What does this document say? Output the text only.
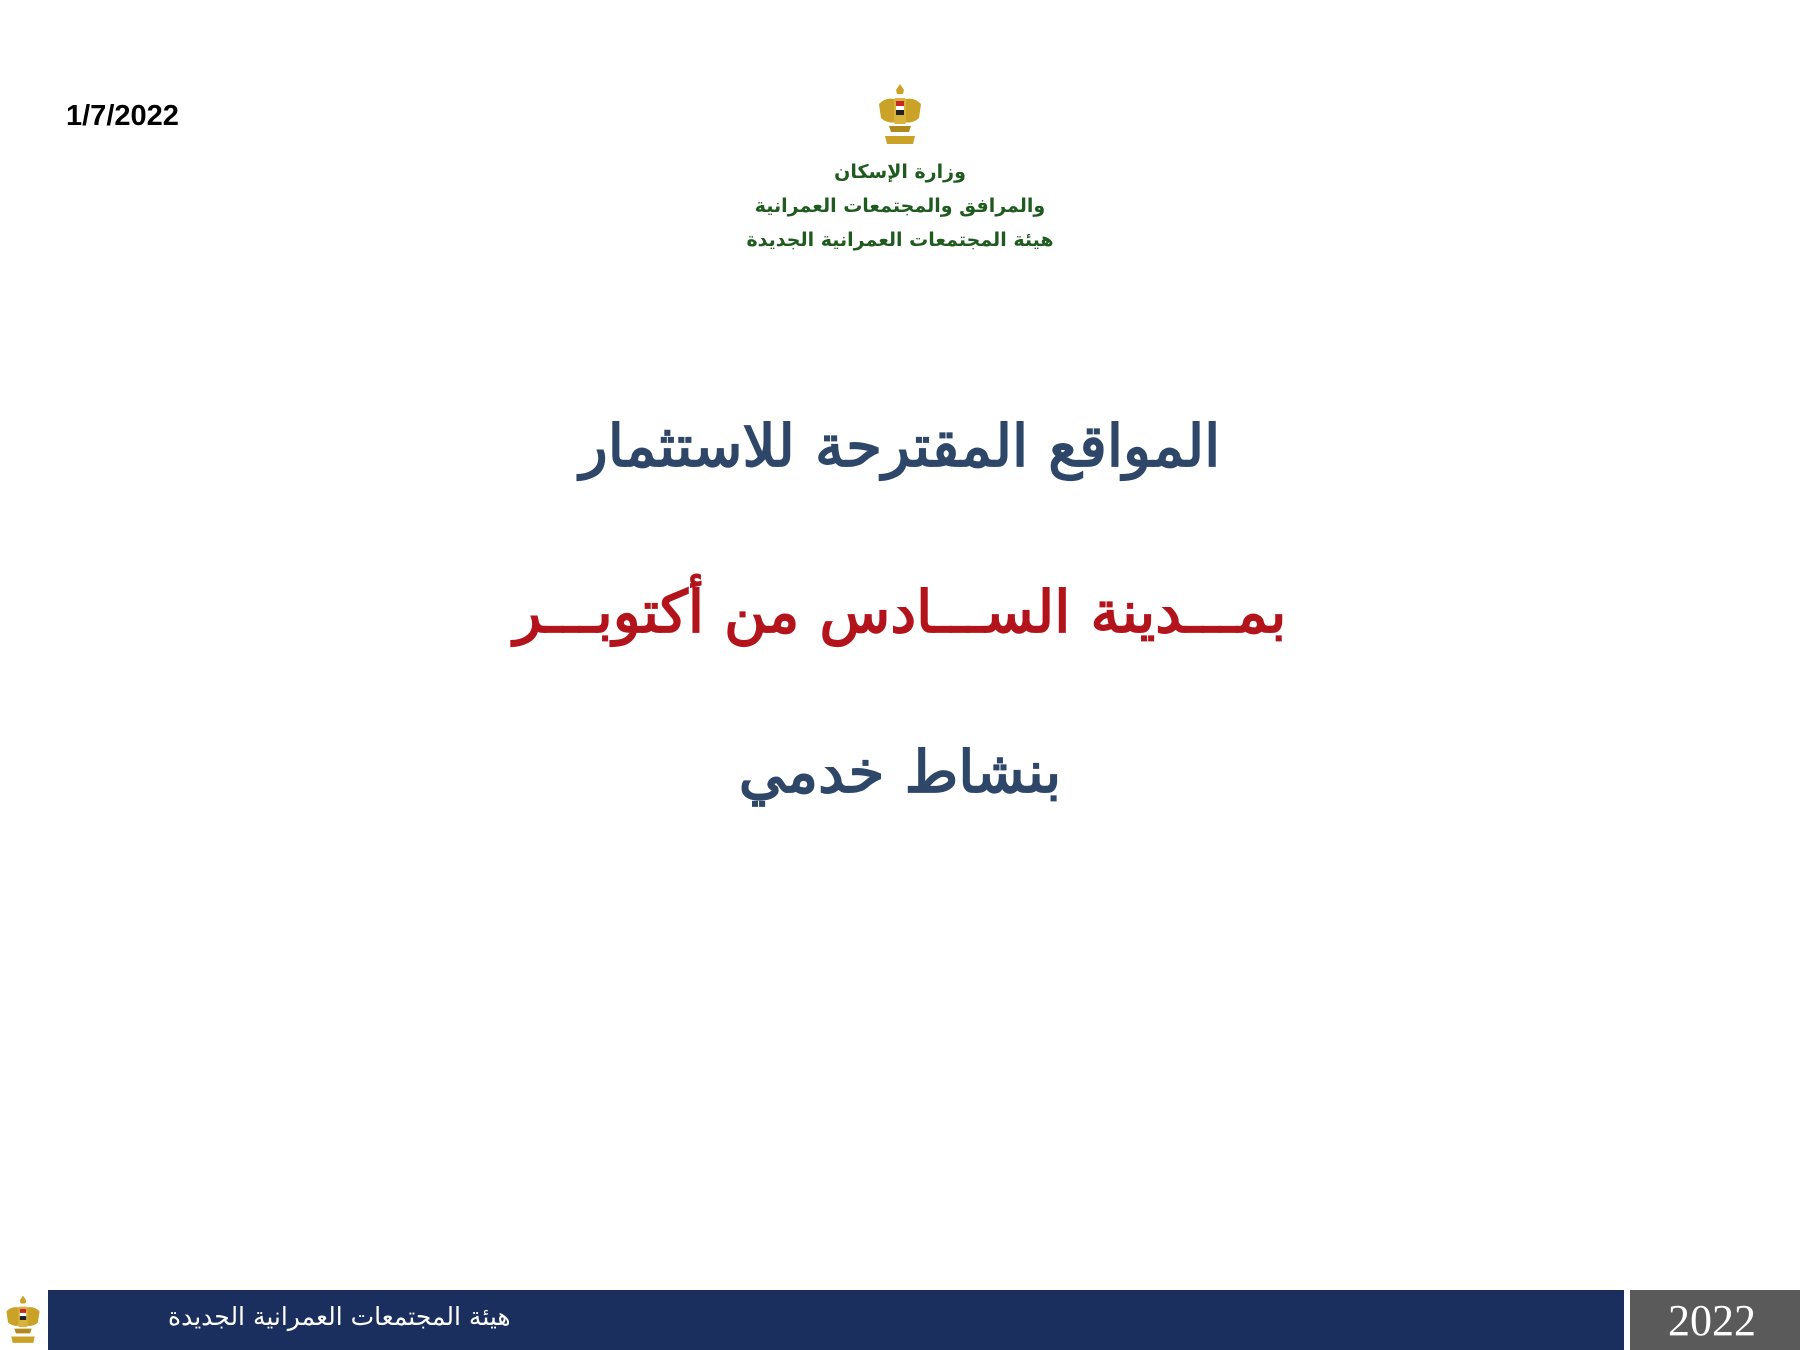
1/7/2022
وزارة الإسكان
والمرافق والمجتمعات العمرانية
هيئة المجتمعات العمرانية الجديدة
المواقع المقترحة للاستثمار
بمـــدينة الســـادس من أكتوبـــر
بنشاط خدمي
هيئة المجتمعات العمرانية الجديدة	2022
